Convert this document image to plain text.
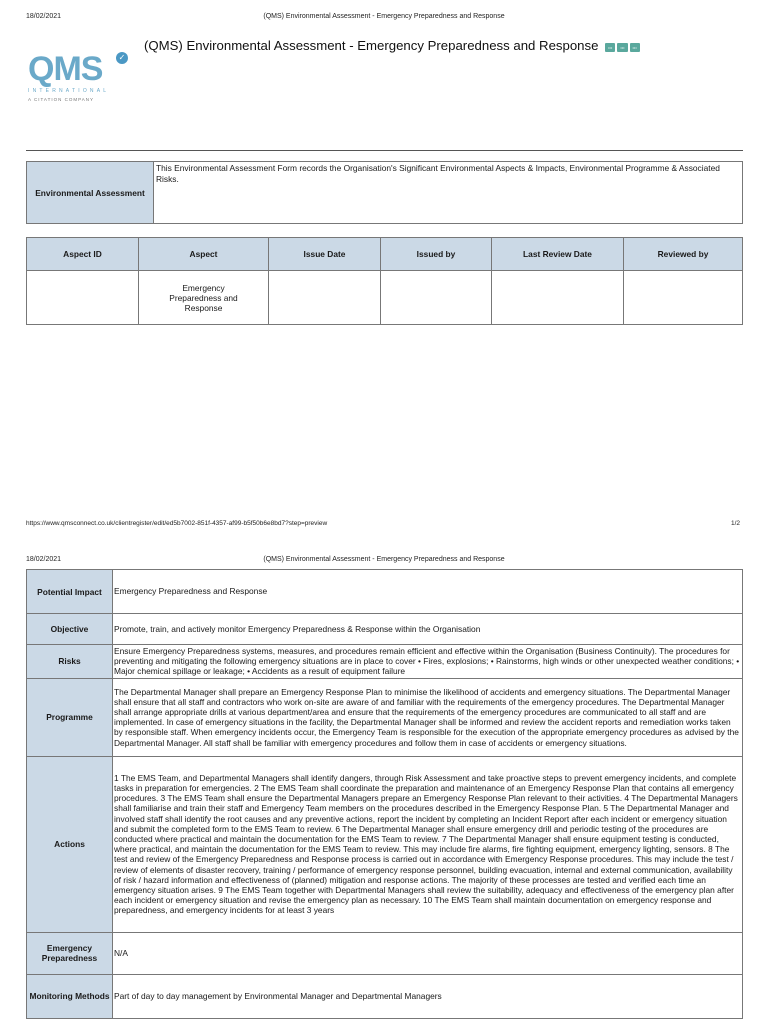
18/02/2021	(QMS) Environmental Assessment - Emergency Preparedness and Response
QMS	✓
INTERNATIONAL
A CITATION COMPANY
(QMS) Environmental Assessment - Emergency Preparedness and Response ••• ••• •••
Environmental Assessment	This Environmental Assessment Form records the Organisation's Significant Environmental Aspects & Impacts, Environmental Programme & Associated Risks.
Aspect ID	Aspect	Issue Date	Issued by	Last Review Date	Reviewed by
	Emergency Preparedness and Response				
https://www.qmsconnect.co.uk/clientregister/edit/ed5b7002-851f-4357-af99-b5f50b6e8bd7?step=preview	1/2
18/02/2021	(QMS) Environmental Assessment - Emergency Preparedness and Response
Potential Impact	Emergency Preparedness and Response
Objective	Promote, train, and actively monitor Emergency Preparedness & Response within the Organisation
Risks	Ensure Emergency Preparedness systems, measures, and procedures remain efficient and effective within the Organisation (Business Continuity). The procedures for preventing and mitigating the following emergency situations are in place to cover • Fires, explosions; • Rainstorms, high winds or other unexpected weather conditions; • Major chemical spillage or leakage; • Accidents as a result of equipment failure
Programme	The Departmental Manager shall prepare an Emergency Response Plan to minimise the likelihood of accidents and emergency situations. The Departmental Manager shall ensure that all staff and contractors who work on-site are aware of and familiar with the requirements of the emergency procedures. The Departmental Manager shall arrange appropriate drills at various department/area and ensure that the requirements of the emergency procedures are communicated to all staff and are implemented. In case of emergency situations in the facility, the Departmental Manager shall be informed and review the accident reports and remediation works taken by responsible staff. When emergency incidents occur, the Emergency Team is responsible for the execution of the appropriate emergency procedures as advised by the Departmental Manager. All staff shall be familiar with emergency procedures and follow them in case of accidents or emergency situations.
Actions	1 The EMS Team, and Departmental Managers shall identify dangers, through Risk Assessment and take proactive steps to prevent emergency incidents, and complete tasks in preparation for emergencies. 2 The EMS Team shall coordinate the preparation and maintenance of an Emergency Response Plan that contains all emergency procedures. 3 The EMS Team shall ensure the Departmental Managers prepare an Emergency Response Plan relevant to their activities. 4 The Departmental Managers shall familiarise and train their staff and Emergency Team members on the procedures described in the Emergency Response Plan. 5 The Departmental Manager and involved staff shall identify the root causes and any preventive actions, report the incident by completing an Incident Report after each incident or emergency situation and submit the completed form to the EMS Team to review. 6 The Departmental Manager shall ensure emergency drill and periodic testing of the procedures are conducted where practical and maintain the documentation for the EMS Team to review. 7 The Departmental Manager shall ensure equipment testing is conducted, where practical, and maintain the documentation for the EMS Team to review. This may include fire alarms, fire fighting equipment, emergency lighting, sensors. 8 The test and review of the Emergency Preparedness and Response process is carried out in accordance with Emergency Response procedures. This may include the test / review of elements of disaster recovery, training / performance of emergency response personnel, building evacuation, internal and external communication, availability of risk / hazard information and effectiveness of (planned) mitigation and response actions. The majority of these processes are tested and verified each time an emergency situation arises. 9 The EMS Team together with Departmental Managers shall review the suitability, adequacy and effectiveness of the emergency plan after each incident or emergency situation and revise the emergency plan as necessary. 10 The EMS Team shall maintain documentation on emergency response and preparedness, and emergency incidents for at least 3 years
Emergency Preparedness	N/A
Monitoring Methods	Part of day to day management by Environmental Manager and Departmental Managers
